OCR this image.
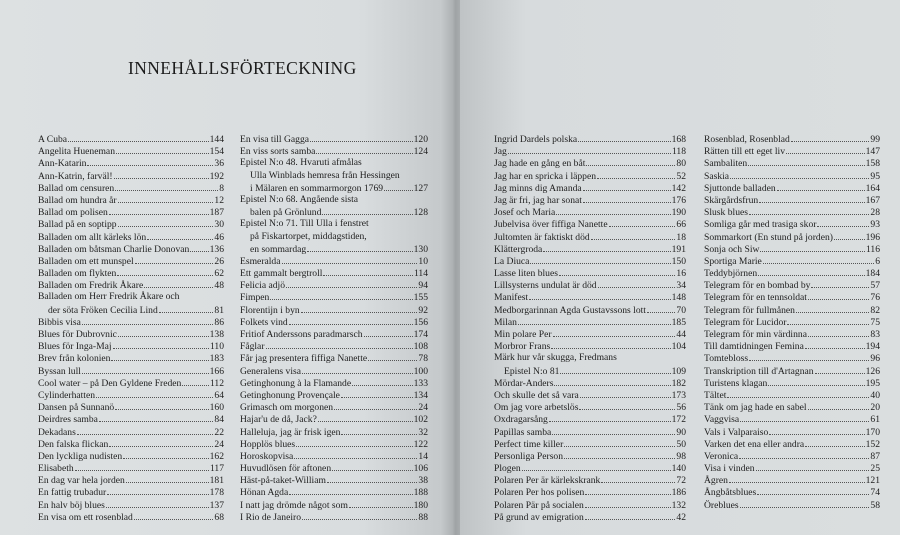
INNEHÅLLSFÖRTECKNING
A Cuba	144
Angelita Hueneman	154
Ann-Katarin	36
Ann-Katrin, farväl!	192
Ballad om censuren	8
Ballad om hundra år	12
Ballad om polisen	187
Ballad på en soptipp	30
Balladen om allt kärleks lön	46
Balladen om båtsman Charlie Donovan 136
Balladen om ett munspel	26
Balladen om flykten	62
Balladen om Fredrik Åkare	48
Balladen om Herr Fredrik Åkare och
der söta Fröken Cecilia Lind	81
Bibbis visa	86
Blues för Dubrovnic	138
Blues för Inga-Maj	110
Brev från kolonien	183
Byssan lull	166
Cool water – på Den Gyldene Freden	112
Cylinderhatten	64
Dansen på Sunnanö	160
Deirdres samba	84
Dekadans	22
Den falska flickan	24
Den lyckliga nudisten	162
Elisabeth	117
En dag var hela jorden	181
En fattig trubadur	178
En halv böj blues	137
En visa om ett rosenblad	68
En visa till Gagga	120
En viss sorts samba	124
Epistel N:o 48. Hvaruti afmålas
Ulla Winblads hemresa från Hessingen
i Mälaren en sommarmorgon 1769	127
Epistel N:o 68. Angående sista
balen på Grönlund	128
Epistel N:o 71. Till Ulla i fenstret
på Fiskartorpet, middagstiden,
en sommardag	130
Esmeralda	10
Ett gammalt bergtroll	114
Felicia adjö	94
Fimpen	155
Florentijn i byn	92
Folkets vind	156
Fritiof Anderssons paradmarsch	174
Fåglar	108
Får jag presentera fiffiga Nanette	78
Generalens visa	100
Getinghonung à la Flamande	133
Getinghonung Provençale	134
Grimasch om morgonen	24
Hajar'u de då, Jack?	102
Halleluja, jag är frisk igen	32
Hopplös blues	122
Horoskopvisa	14
Huvudlösen för aftonen	106
Häst-på-taket-William	38
Hönan Agda	188
I natt jag drömde något som	180
I Rio de Janeiro	88
Ingrid Dardels polska	168
Jag	118
Jag hade en gång en båt	80
Jag har en spricka i läppen	52
Jag minns dig Amanda	142
Jag är fri, jag har sonat	176
Josef och Maria	190
Jubelvisa över fiffiga Nanette	66
Jultomten är faktiskt död	18
Klättergroda	191
La Diuca	150
Lasse liten blues	16
Lillsysterns undulat är död	34
Manifest	148
Medborgarinnan Agda Gustavssons lott	70
Milan	185
Min polare Per	44
Morbror Frans	104
Märk hur vår skugga, Fredmans
Epistel N:o 81	109
Mördar-Anders	182
Och skulle det så vara	173
Om jag vore arbetslös	56
Oxdragarsång	172
Papillas samba	90
Perfect time killer	50
Personliga Person	98
Plogen	140
Polaren Per är kärlekskrank	72
Polaren Per hos polisen	186
Polaren Pär på socialen	132
På grund av emigration	42
Rosenblad, Rosenblad	99
Rätten till ett eget liv	147
Sambaliten	158
Saskia	95
Sjuttonde balladen	164
Skärgårdsfrun	167
Slusk blues	28
Somliga går med trasiga skor	93
Sommarkort (En stund på jorden)	196
Sonja och Siw	116
Sportiga Marie	6
Teddybjörnen	184
Telegram för en bombad by	57
Telegram för en tennsoldat	76
Telegram för fullmånen	82
Telegram för Lucidor	75
Telegram för min värdinna	83
Till damtidningen Femina	194
Tomtebloss	96
Transkription till d'Artagnan	126
Turistens klagan	195
Tältet	40
Tänk om jag hade en sabel	20
Vaggvisa	61
Vals i Valparaiso	170
Varken det ena eller andra	152
Veronica	87
Visa i vinden	25
Ågren	121
Ångbåtsblues	74
Öreblues	58
